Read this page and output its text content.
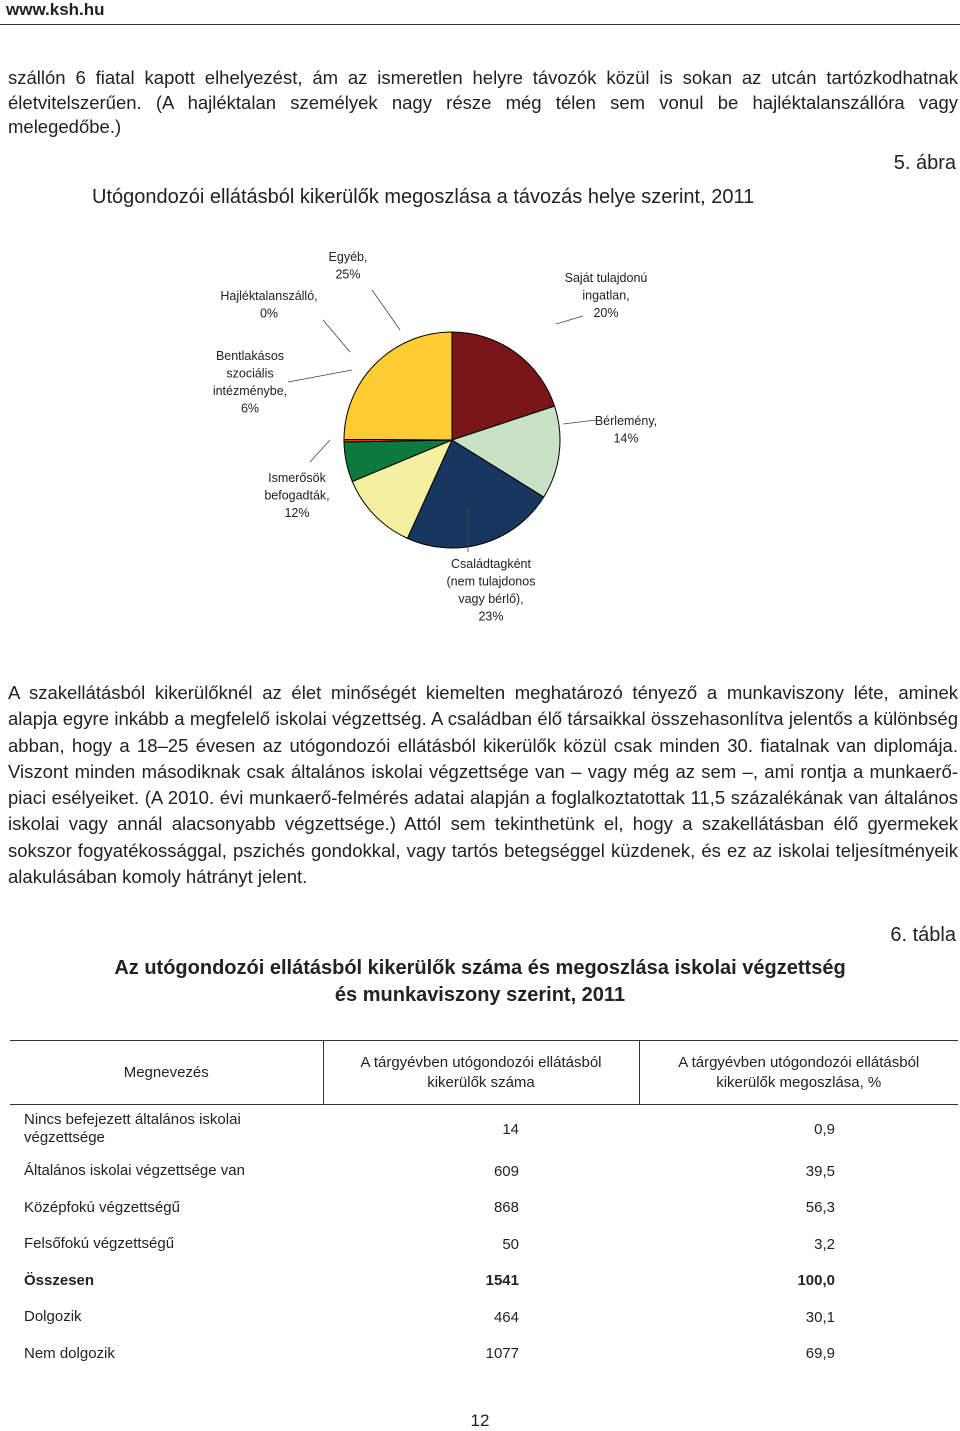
www.ksh.hu

szállón 6 fiatal kapott elhelyezést, ám az ismeretlen helyre távozók közül is sokan az utcán tartózkodhatnak életvitelszerűen. (A hajléktalan személyek nagy része még télen sem vonul be hajléktalanszállóra vagy melegedőbe.)

5. ábra
Utógondozói ellátásból kikerülők megoszlása a távozás helye szerint, 2011
Saját tulajdonú ingatlan, 20%
Bérlemény, 14%
Családtagként (nem tulajdonos vagy bérlő), 23%
Ismerősök befogadták, 12%
Bentlakásos szociális intézménybe, 6%
Hajléktalanszálló, 0%
Egyéb, 25%

A szakellátásból kikerülőknél az élet minőségét kiemelten meghatározó tényező a munkaviszony léte, aminek alapja egyre inkább a megfelelő iskolai végzettség. A családban élő társaikkal összehasonlítva jelentős a különbség abban, hogy a 18–25 évesen az utógondozói ellátásból kikerülők közül csak minden 30. fiatalnak van diplomája. Viszont minden másodiknak csak általános iskolai végzettsége van – vagy még az sem –, ami rontja a munkaerő-piaci esélyeiket. (A 2010. évi munkaerő-felmérés adatai alapján a foglalkoztatottak 11,5 százalékának van általános iskolai vagy annál alacsonyabb végzettsége.) Attól sem tekinthetünk el, hogy a szakellátásban élő gyermekek sokszor fogyatékossággal, pszichés gondokkal, vagy tartós betegséggel küzdenek, és ez az iskolai teljesítményeik alakulásában komoly hátrányt jelent.

6. tábla
Az utógondozói ellátásból kikerülők száma és megoszlása iskolai végzettség
és munkaviszony szerint, 2011
Megnevezés	A tárgyévben utógondozói ellátásból kikerülők száma	A tárgyévben utógondozói ellátásból kikerülők megoszlása, %
Nincs befejezett általános iskolai végzettsége	14	0,9
Általános iskolai végzettsége van	609	39,5
Középfokú végzettségű	868	56,3
Felsőfokú végzettségű	50	3,2
Összesen	1541	100,0
Dolgozik	464	30,1
Nem dolgozik	1077	69,9
12
